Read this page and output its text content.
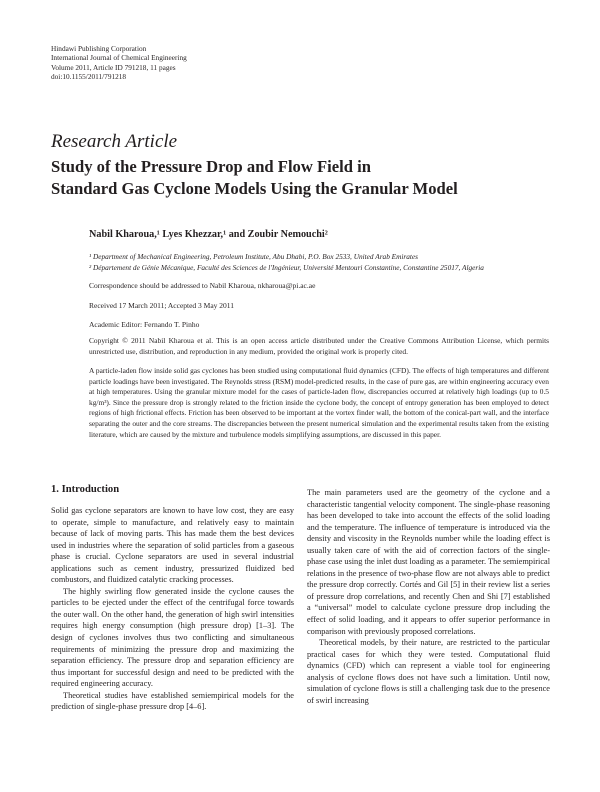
Hindawi Publishing Corporation
International Journal of Chemical Engineering
Volume 2011, Article ID 791218, 11 pages
doi:10.1155/2011/791218
Research Article
Study of the Pressure Drop and Flow Field in
Standard Gas Cyclone Models Using the Granular Model
Nabil Kharoua,¹ Lyes Khezzar,¹ and Zoubir Nemouchi²
¹ Department of Mechanical Engineering, Petroleum Institute, Abu Dhabi, P.O. Box 2533, United Arab Emirates
² Département de Génie Mécanique, Faculté des Sciences de l'Ingénieur, Université Mentouri Constantine, Constantine 25017, Algeria
Correspondence should be addressed to Nabil Kharoua, nkharoua@pi.ac.ae
Received 17 March 2011; Accepted 3 May 2011
Academic Editor: Fernando T. Pinho
Copyright © 2011 Nabil Kharoua et al. This is an open access article distributed under the Creative Commons Attribution License, which permits unrestricted use, distribution, and reproduction in any medium, provided the original work is properly cited.
A particle-laden flow inside solid gas cyclones has been studied using computational fluid dynamics (CFD). The effects of high temperatures and different particle loadings have been investigated. The Reynolds stress (RSM) model-predicted results, in the case of pure gas, are within engineering accuracy even at high temperatures. Using the granular mixture model for the cases of particle-laden flow, discrepancies occurred at relatively high loadings (up to 0.5 kg/m³). Since the pressure drop is strongly related to the friction inside the cyclone body, the concept of entropy generation has been employed to detect regions of high frictional effects. Friction has been observed to be important at the vortex finder wall, the bottom of the conical-part wall, and the interface separating the outer and the core streams. The discrepancies between the present numerical simulation and the experimental results taken from the existing literature, which are caused by the mixture and turbulence models simplifying assumptions, are discussed in this paper.
1. Introduction

Solid gas cyclone separators are known to have low cost, they are easy to operate, simple to manufacture, and relatively easy to maintain because of lack of moving parts. This has made them the best devices used in industries where the separation of solid particles from a gaseous phase is crucial. Cyclone separators are used in several industrial applications such as cement industry, pressurized fluidized bed combustors, and fluidized catalytic cracking processes.

The highly swirling flow generated inside the cyclone causes the particles to be ejected under the effect of the centrifugal force towards the outer wall. On the other hand, the generation of high swirl intensities requires high energy consumption (high pressure drop) [1–3]. The design of cyclones involves thus two conflicting and simultaneous requirements of minimizing the pressure drop and maximizing the separation efficiency. The pressure drop and separation efficiency are thus important for successful design and need to be predicted with the required engineering accuracy.

Theoretical studies have established semiempirical models for the prediction of single-phase pressure drop [4–6].

The main parameters used are the geometry of the cyclone and a characteristic tangential velocity component. The single-phase reasoning has been developed to take into account the effects of the solid loading and the temperature. The influence of temperature is introduced via the density and viscosity in the Reynolds number while the loading effect is usually taken care of with the aid of correction factors of the single-phase case using the inlet dust loading as a parameter. The semiempirical relations in the presence of two-phase flow are not always able to predict the pressure drop correctly. Cortés and Gil [5] in their review list a series of pressure drop correlations, and recently Chen and Shi [7] established a “universal” model to calculate cyclone pressure drop including the effect of solid loading, and it appears to offer superior performance in comparison with previously proposed correlations.

Theoretical models, by their nature, are restricted to the particular practical cases for which they were tested. Computational fluid dynamics (CFD) which can represent a viable tool for engineering analysis of cyclone flows does not have such a limitation. Until now, simulation of cyclone flows is still a challenging task due to the presence of swirl increasing
